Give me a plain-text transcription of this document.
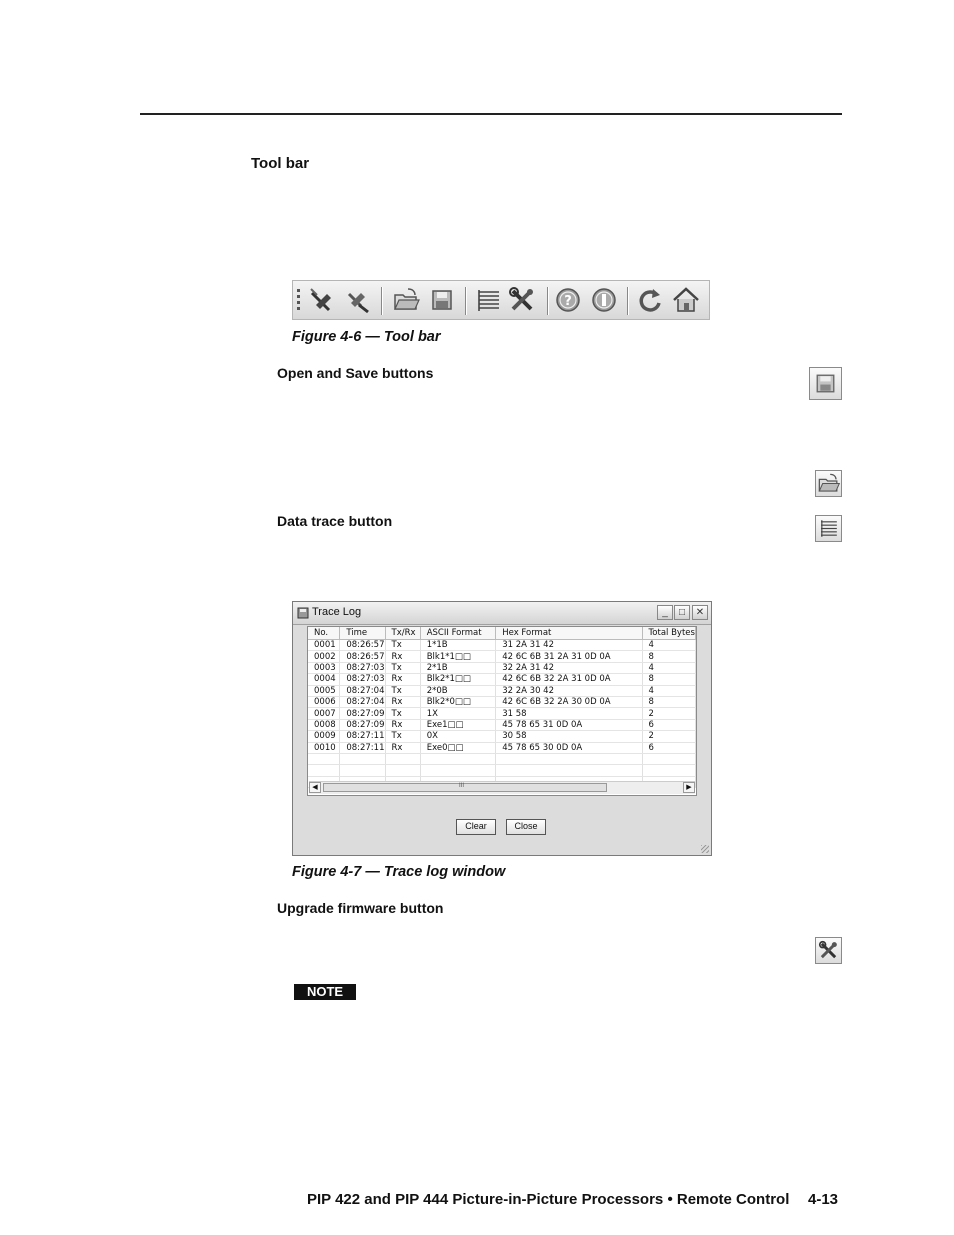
Tool bar
?
Figure 4-6 — Tool bar
Open and Save buttons
Data trace button
Trace Log	_	□	✕
No.	Time	Tx/Rx	ASCII Format	Hex Format	Total Bytes
0001	08:26:57	Tx	1*1B	31 2A 31 42	4
0002	08:26:57	Rx	Blk1*1□□	42 6C 6B 31 2A 31 0D 0A	8
0003	08:27:03	Tx	2*1B	32 2A 31 42	4
0004	08:27:03	Rx	Blk2*1□□	42 6C 6B 32 2A 31 0D 0A	8
0005	08:27:04	Tx	2*0B	32 2A 30 42	4
0006	08:27:04	Rx	Blk2*0□□	42 6C 6B 32 2A 30 0D 0A	8
0007	08:27:09	Tx	1X	31 58	2
0008	08:27:09	Rx	Exe1□□	45 78 65 31 0D 0A	6
0009	08:27:11	Tx	0X	30 58	2
0010	08:27:11	Rx	Exe0□□	45 78 65 30 0D 0A	6

◀	III	▶
Clear	Close
Figure 4-7 — Trace log window
Upgrade firmware button
NOTE
PIP 422 and PIP 444 Picture-in-Picture Processors • Remote Control 4-13
